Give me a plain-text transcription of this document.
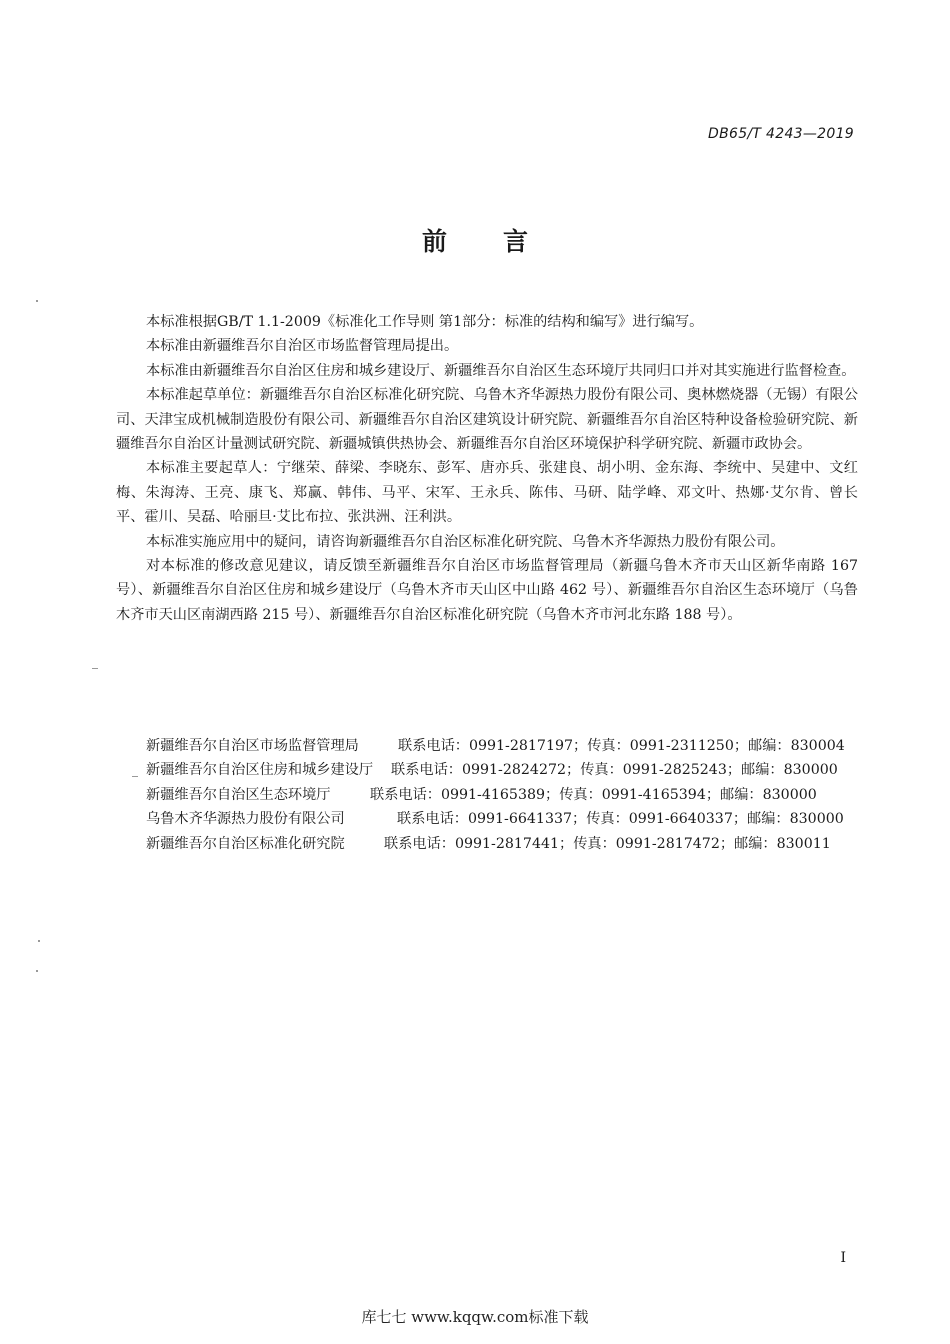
DB65/T 4243—2019
前 言

本标准根据GB/T 1.1-2009《标准化工作导则 第1部分：标准的结构和编写》进行编写。

本标准由新疆维吾尔自治区市场监督管理局提出。

本标准由新疆维吾尔自治区住房和城乡建设厅、新疆维吾尔自治区生态环境厅共同归口并对其实施进行监督检查。

本标准起草单位：新疆维吾尔自治区标准化研究院、乌鲁木齐华源热力股份有限公司、奥林燃烧器（无锡）有限公司、天津宝成机械制造股份有限公司、新疆维吾尔自治区建筑设计研究院、新疆维吾尔自治区特种设备检验研究院、新疆维吾尔自治区计量测试研究院、新疆城镇供热协会、新疆维吾尔自治区环境保护科学研究院、新疆市政协会。

本标准主要起草人：宁继荣、薛梁、李晓东、彭军、唐亦兵、张建良、胡小明、金东海、李统中、吴建中、文红梅、朱海涛、王亮、康飞、郑赢、韩伟、马平、宋军、王永兵、陈伟、马研、陆学峰、邓文叶、热娜·艾尔肯、曾长平、霍川、吴磊、哈丽旦·艾比布拉、张洪洲、汪利洪。

本标准实施应用中的疑问，请咨询新疆维吾尔自治区标准化研究院、乌鲁木齐华源热力股份有限公司。

对本标准的修改意见建议，请反馈至新疆维吾尔自治区市场监督管理局（新疆乌鲁木齐市天山区新华南路 167 号）、新疆维吾尔自治区住房和城乡建设厅（乌鲁木齐市天山区中山路 462 号）、新疆维吾尔自治区生态环境厅（乌鲁木齐市天山区南湖西路 215 号）、新疆维吾尔自治区标准化研究院（乌鲁木齐市河北东路 188 号）。

新疆维吾尔自治区市场监督管理局	联系电话：0991-2817197；传真：0991-2311250；邮编：830004
新疆维吾尔自治区住房和城乡建设厅 联系电话：0991-2824272；传真：0991-2825243；邮编：830000
新疆维吾尔自治区生态环境厅	联系电话：0991-4165389；传真：0991-4165394；邮编：830000
乌鲁木齐华源热力股份有限公司	联系电话：0991-6641337；传真：0991-6640337；邮编：830000
新疆维吾尔自治区标准化研究院	联系电话：0991-2817441；传真：0991-2817472；邮编：830011
I
库七七 www.kqqw.com标准下载
